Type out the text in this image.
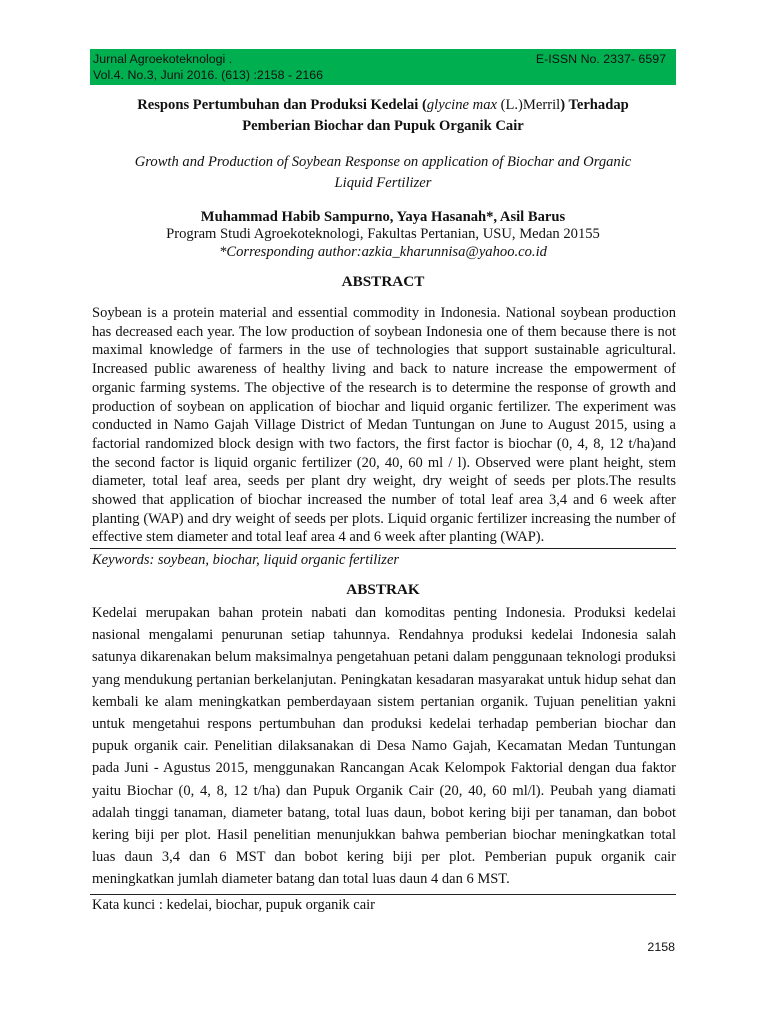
Jurnal Agroekoteknologi .	E-ISSN No. 2337- 6597
Vol.4. No.3, Juni 2016. (613) :2158 - 2166
Respons Pertumbuhan dan Produksi Kedelai (glycine max (L.)Merril) Terhadap
Pemberian Biochar dan Pupuk Organik Cair
Growth and Production of Soybean Response on application of Biochar and Organic
Liquid Fertilizer
Muhammad Habib Sampurno, Yaya Hasanah*, Asil Barus
Program Studi Agroekoteknologi, Fakultas Pertanian, USU, Medan 20155
*Corresponding author:azkia_kharunnisa@yahoo.co.id
ABSTRACT

Soybean is a protein material and essential commodity in Indonesia. National soybean production has decreased each year. The low production of soybean Indonesia one of them because there is not maximal knowledge of farmers in the use of technologies that support sustainable agricultural. Increased public awareness of healthy living and back to nature increase the empowerment of organic farming systems. The objective of the research is to determine the response of growth and production of soybean on application of biochar and liquid organic fertilizer. The experiment was conducted in Namo Gajah Village District of Medan Tuntungan on June to August 2015, using a factorial randomized block design with two factors, the first factor is biochar (0, 4, 8, 12 t/ha)and the second factor is liquid organic fertilizer (20, 40, 60 ml / l). Observed were plant height, stem diameter, total leaf area, seeds per plant dry weight, dry weight of seeds per plots.The results showed that application of biochar increased the number of total leaf area 3,4 and 6 week after planting (WAP) and dry weight of seeds per plots. Liquid organic fertilizer increasing the number of effective stem diameter and total leaf area 4 and 6 week after planting (WAP).

Keywords: soybean, biochar, liquid organic fertilizer
ABSTRAK

Kedelai merupakan bahan protein nabati dan komoditas penting Indonesia. Produksi kedelai nasional mengalami penurunan setiap tahunnya. Rendahnya produksi kedelai Indonesia salah satunya dikarenakan belum maksimalnya pengetahuan petani dalam penggunaan teknologi produksi yang mendukung pertanian berkelanjutan. Peningkatan kesadaran masyarakat untuk hidup sehat dan kembali ke alam meningkatkan pemberdayaan sistem pertanian organik. Tujuan penelitian yakni untuk mengetahui respons pertumbuhan dan produksi kedelai terhadap pemberian biochar dan pupuk organik cair. Penelitian dilaksanakan di Desa Namo Gajah, Kecamatan Medan Tuntungan pada Juni - Agustus 2015, menggunakan Rancangan Acak Kelompok Faktorial dengan dua faktor yaitu Biochar (0, 4, 8, 12 t/ha) dan Pupuk Organik Cair (20, 40, 60 ml/l). Peubah yang diamati adalah tinggi tanaman, diameter batang, total luas daun, bobot kering biji per tanaman, dan bobot kering biji per plot. Hasil penelitian menunjukkan bahwa pemberian biochar meningkatkan total luas daun 3,4 dan 6 MST dan bobot kering biji per plot. Pemberian pupuk organik cair meningkatkan jumlah diameter batang dan total luas daun 4 dan 6 MST.

Kata kunci : kedelai, biochar, pupuk organik cair
2158
